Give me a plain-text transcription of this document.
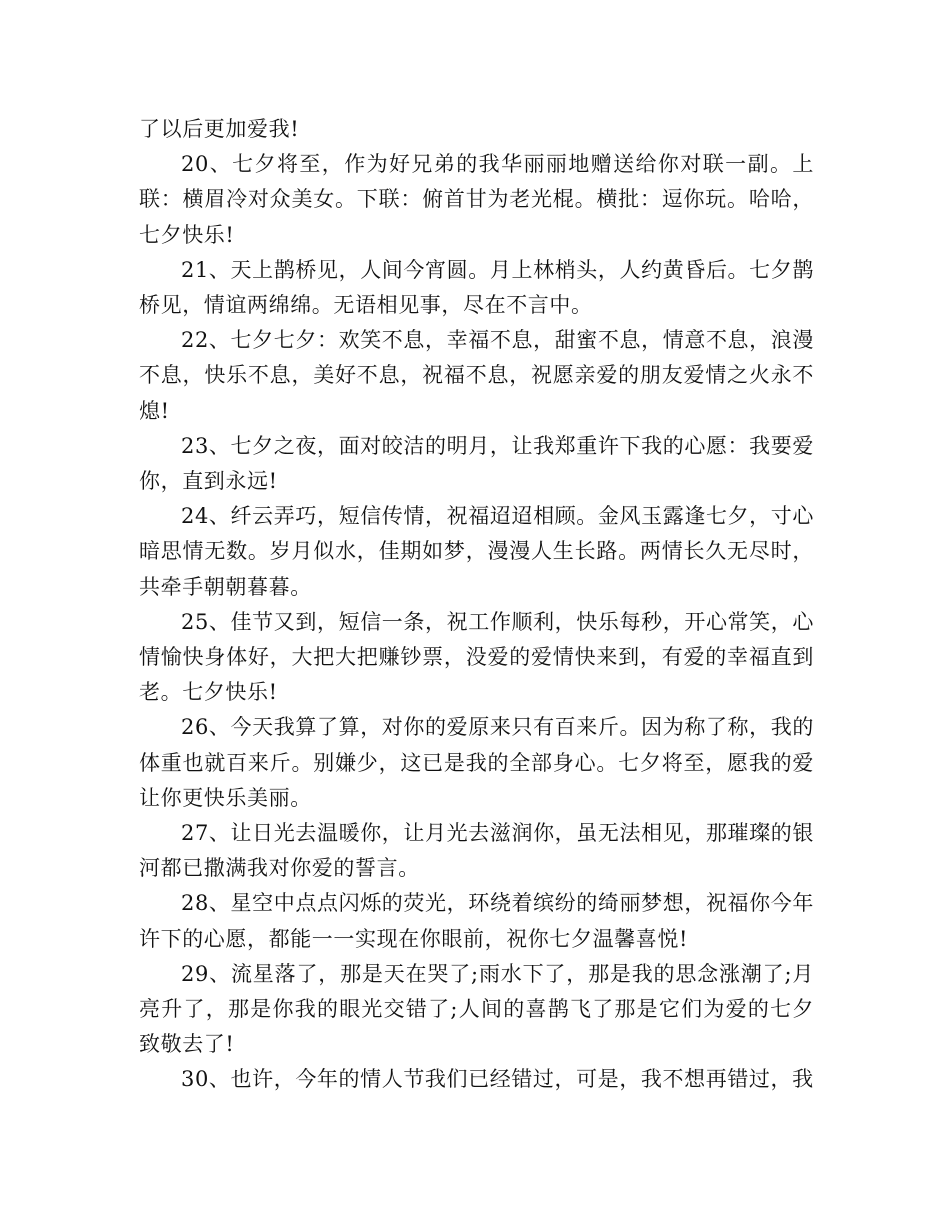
了以后更加爱我!

20、七夕将至，作为好兄弟的我华丽丽地赠送给你对联一副。上联：横眉冷对众美女。下联：俯首甘为老光棍。横批：逗你玩。哈哈，七夕快乐!

21、天上鹊桥见，人间今宵圆。月上林梢头，人约黄昏后。七夕鹊桥见，情谊两绵绵。无语相见事，尽在不言中。

22、七夕七夕：欢笑不息，幸福不息，甜蜜不息，情意不息，浪漫不息，快乐不息，美好不息，祝福不息，祝愿亲爱的朋友爱情之火永不熄!

23、七夕之夜，面对皎洁的明月，让我郑重许下我的心愿：我要爱你，直到永远!

24、纤云弄巧，短信传情，祝福迢迢相顾。金风玉露逢七夕，寸心暗思情无数。岁月似水，佳期如梦，漫漫人生长路。两情长久无尽时，共牵手朝朝暮暮。

25、佳节又到，短信一条，祝工作顺利，快乐每秒，开心常笑，心情愉快身体好，大把大把赚钞票，没爱的爱情快来到，有爱的幸福直到老。七夕快乐!

26、今天我算了算，对你的爱原来只有百来斤。因为称了称，我的体重也就百来斤。别嫌少，这已是我的全部身心。七夕将至，愿我的爱让你更快乐美丽。

27、让日光去温暖你，让月光去滋润你，虽无法相见，那璀璨的银河都已撒满我对你爱的誓言。

28、星空中点点闪烁的荧光，环绕着缤纷的绮丽梦想，祝福你今年许下的心愿，都能一一实现在你眼前，祝你七夕温馨喜悦!

29、流星落了，那是天在哭了;雨水下了，那是我的思念涨潮了;月亮升了，那是你我的眼光交错了;人间的喜鹊飞了那是它们为爱的七夕致敬去了!

30、也许，今年的情人节我们已经错过，可是，我不想再错过，我
